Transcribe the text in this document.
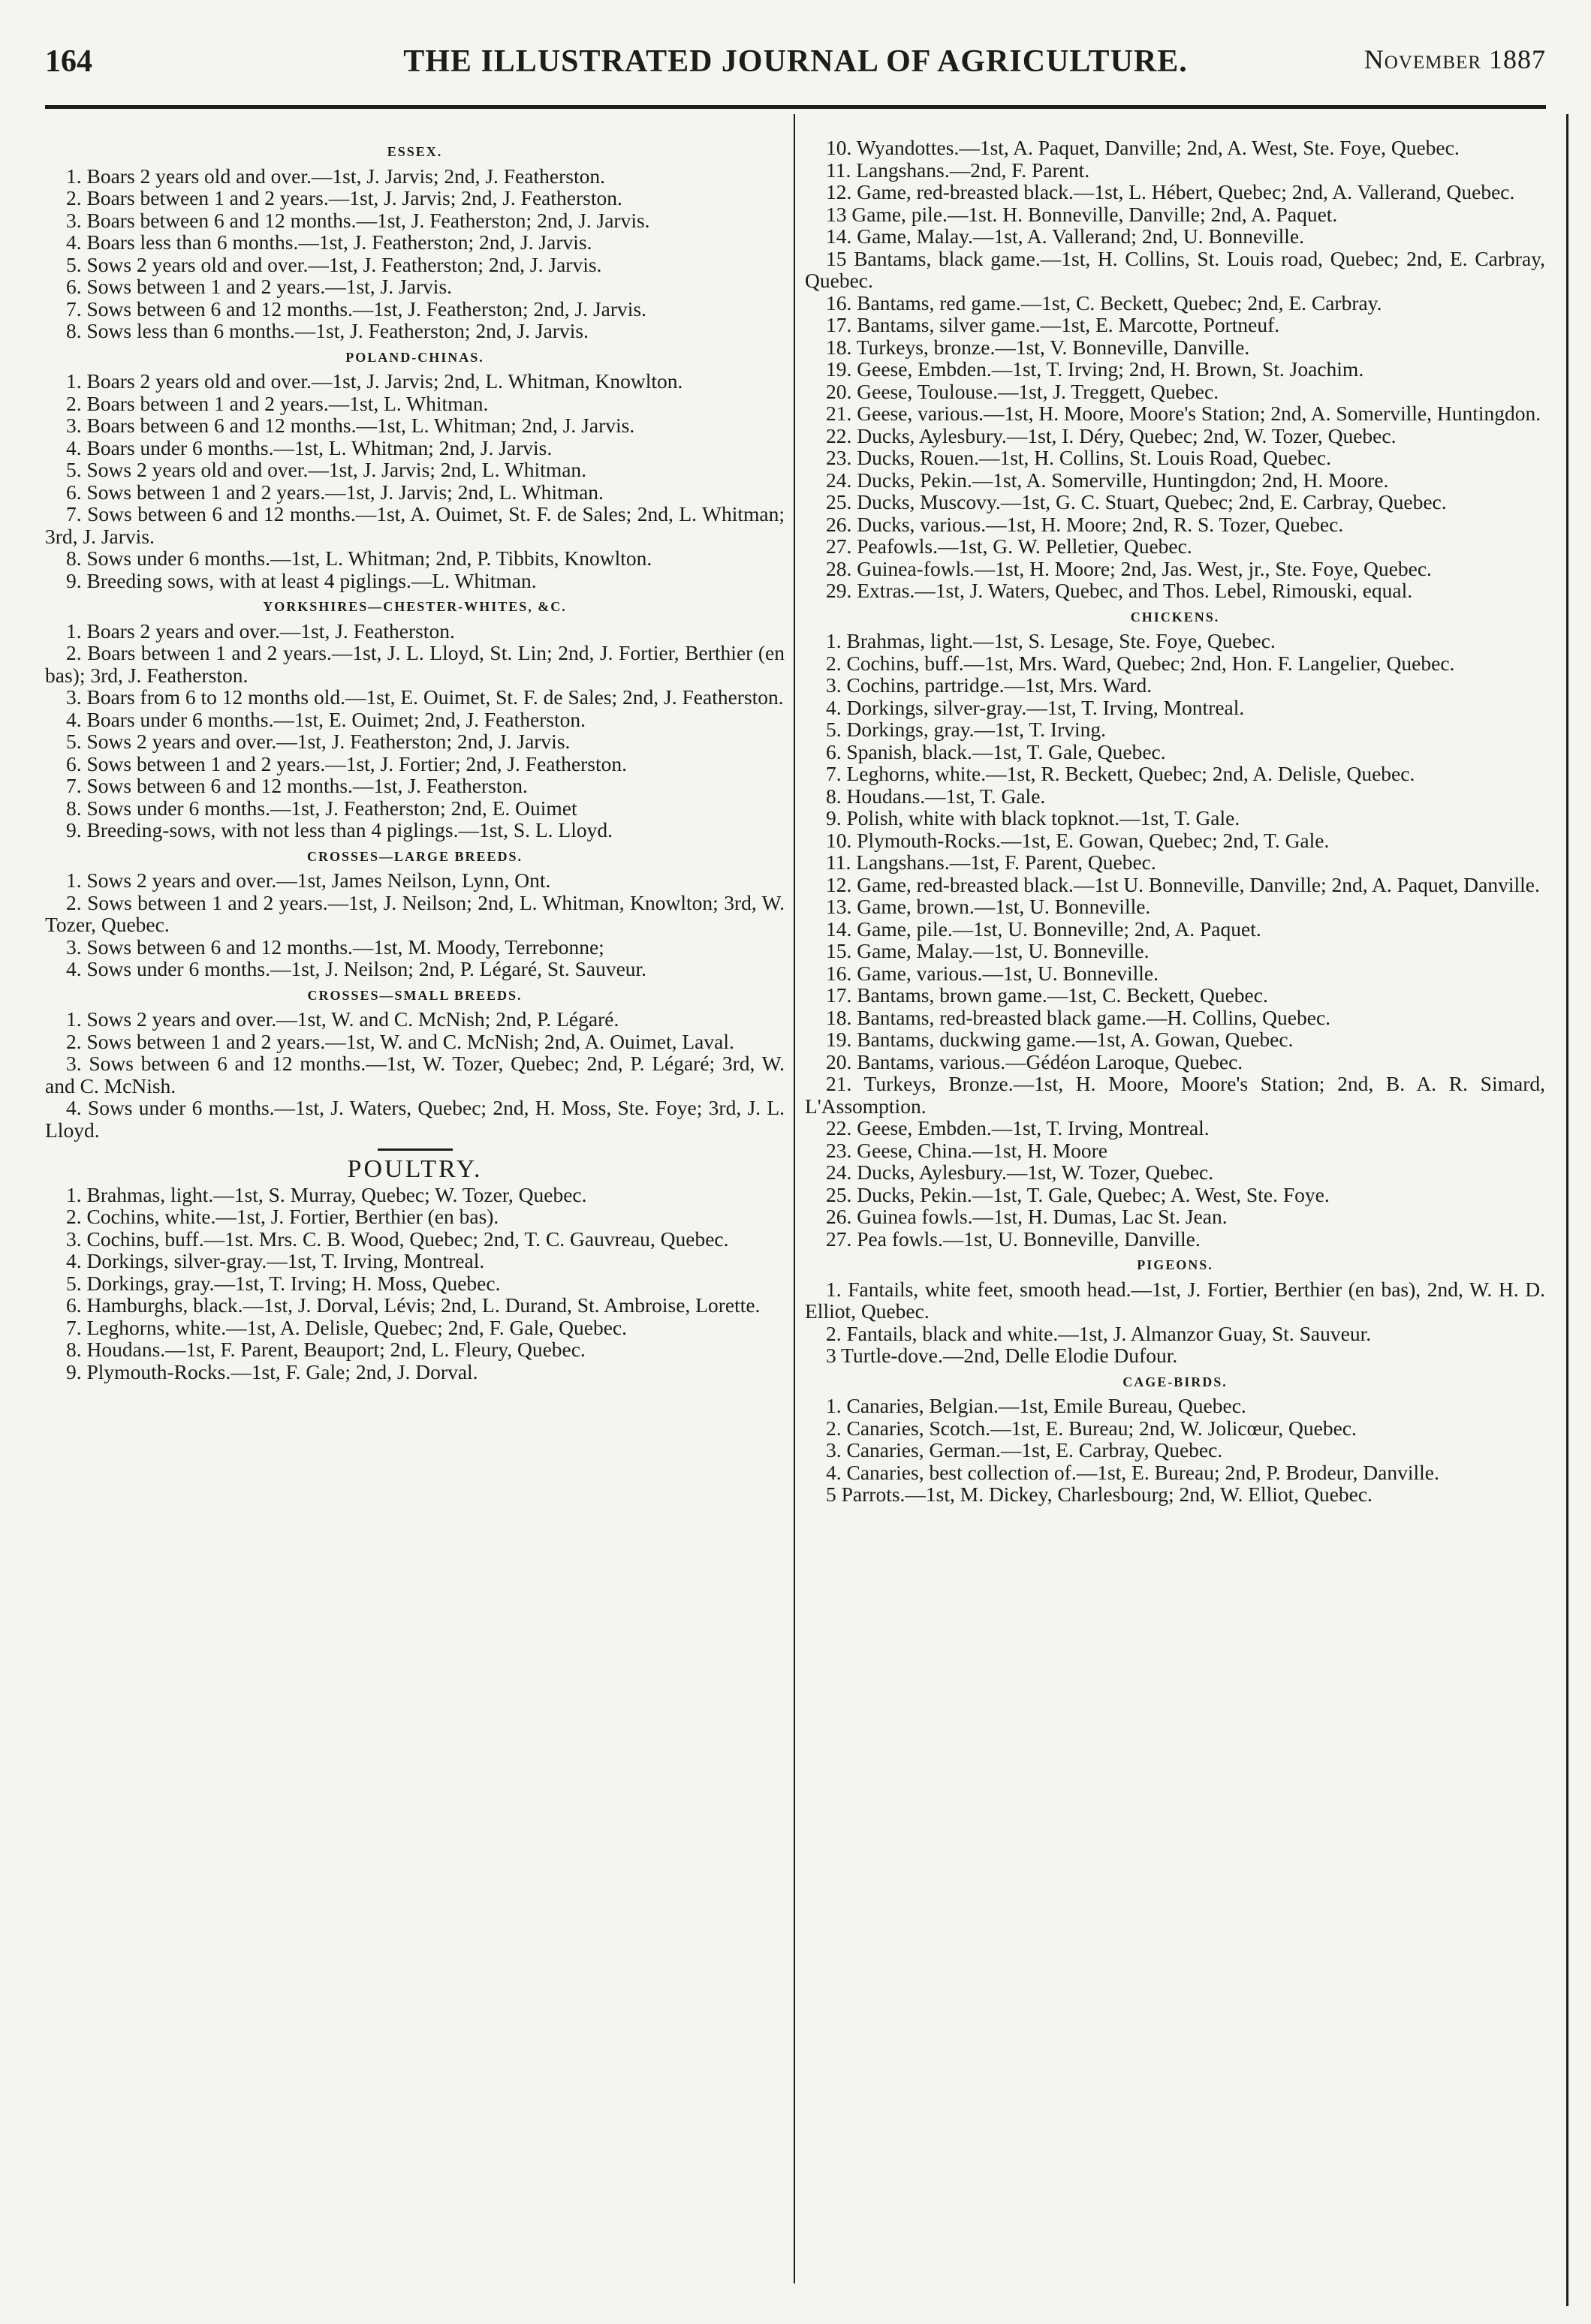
164	THE ILLUSTRATED JOURNAL OF AGRICULTURE.	November 1887
ESSEX.

1. Boars 2 years old and over.—1st, J. Jarvis; 2nd, J. Featherston.

2. Boars between 1 and 2 years.—1st, J. Jarvis; 2nd, J. Featherston.

3. Boars between 6 and 12 months.—1st, J. Featherston; 2nd, J. Jarvis.

4. Boars less than 6 months.—1st, J. Featherston; 2nd, J. Jarvis.

5. Sows 2 years old and over.—1st, J. Featherston; 2nd, J. Jarvis.

6. Sows between 1 and 2 years.—1st, J. Jarvis.

7. Sows between 6 and 12 months.—1st, J. Featherston; 2nd, J. Jarvis.

8. Sows less than 6 months.—1st, J. Featherston; 2nd, J. Jarvis.

POLAND-CHINAS.

1. Boars 2 years old and over.—1st, J. Jarvis; 2nd, L. Whitman, Knowlton.

2. Boars between 1 and 2 years.—1st, L. Whitman.

3. Boars between 6 and 12 months.—1st, L. Whitman; 2nd, J. Jarvis.

4. Boars under 6 months.—1st, L. Whitman; 2nd, J. Jarvis.

5. Sows 2 years old and over.—1st, J. Jarvis; 2nd, L. Whitman.

6. Sows between 1 and 2 years.—1st, J. Jarvis; 2nd, L. Whitman.

7. Sows between 6 and 12 months.—1st, A. Ouimet, St. F. de Sales; 2nd, L. Whitman; 3rd, J. Jarvis.

8. Sows under 6 months.—1st, L. Whitman; 2nd, P. Tibbits, Knowlton.

9. Breeding sows, with at least 4 piglings.—L. Whitman.

YORKSHIRES—CHESTER-WHITES, &C.

1. Boars 2 years and over.—1st, J. Featherston.

2. Boars between 1 and 2 years.—1st, J. L. Lloyd, St. Lin; 2nd, J. Fortier, Berthier (en bas); 3rd, J. Featherston.

3. Boars from 6 to 12 months old.—1st, E. Ouimet, St. F. de Sales; 2nd, J. Featherston.

4. Boars under 6 months.—1st, E. Ouimet; 2nd, J. Featherston.

5. Sows 2 years and over.—1st, J. Featherston; 2nd, J. Jarvis.

6. Sows between 1 and 2 years.—1st, J. Fortier; 2nd, J. Featherston.

7. Sows between 6 and 12 months.—1st, J. Featherston.

8. Sows under 6 months.—1st, J. Featherston; 2nd, E. Ouimet

9. Breeding-sows, with not less than 4 piglings.—1st, S. L. Lloyd.

CROSSES—LARGE BREEDS.

1. Sows 2 years and over.—1st, James Neilson, Lynn, Ont.

2. Sows between 1 and 2 years.—1st, J. Neilson; 2nd, L. Whitman, Knowlton; 3rd, W. Tozer, Quebec.

3. Sows between 6 and 12 months.—1st, M. Moody, Terrebonne;

4. Sows under 6 months.—1st, J. Neilson; 2nd, P. Légaré, St. Sauveur.

CROSSES—SMALL BREEDS.

1. Sows 2 years and over.—1st, W. and C. McNish; 2nd, P. Légaré.

2. Sows between 1 and 2 years.—1st, W. and C. McNish; 2nd, A. Ouimet, Laval.

3. Sows between 6 and 12 months.—1st, W. Tozer, Quebec; 2nd, P. Légaré; 3rd, W. and C. McNish.

4. Sows under 6 months.—1st, J. Waters, Quebec; 2nd, H. Moss, Ste. Foye; 3rd, J. L. Lloyd.

POULTRY.

1. Brahmas, light.—1st, S. Murray, Quebec; W. Tozer, Quebec.

2. Cochins, white.—1st, J. Fortier, Berthier (en bas).

3. Cochins, buff.—1st. Mrs. C. B. Wood, Quebec; 2nd, T. C. Gauvreau, Quebec.

4. Dorkings, silver-gray.—1st, T. Irving, Montreal.

5. Dorkings, gray.—1st, T. Irving; H. Moss, Quebec.

6. Hamburghs, black.—1st, J. Dorval, Lévis; 2nd, L. Durand, St. Ambroise, Lorette.

7. Leghorns, white.—1st, A. Delisle, Quebec; 2nd, F. Gale, Quebec.

8. Houdans.—1st, F. Parent, Beauport; 2nd, L. Fleury, Quebec.

9. Plymouth-Rocks.—1st, F. Gale; 2nd, J. Dorval.

10. Wyandottes.—1st, A. Paquet, Danville; 2nd, A. West, Ste. Foye, Quebec.

11. Langshans.—2nd, F. Parent.

12. Game, red-breasted black.—1st, L. Hébert, Quebec; 2nd, A. Vallerand, Quebec.

13 Game, pile.—1st. H. Bonneville, Danville; 2nd, A. Paquet.

14. Game, Malay.—1st, A. Vallerand; 2nd, U. Bonneville.

15 Bantams, black game.—1st, H. Collins, St. Louis road, Quebec; 2nd, E. Carbray, Quebec.

16. Bantams, red game.—1st, C. Beckett, Quebec; 2nd, E. Carbray.

17. Bantams, silver game.—1st, E. Marcotte, Portneuf.

18. Turkeys, bronze.—1st, V. Bonneville, Danville.

19. Geese, Embden.—1st, T. Irving; 2nd, H. Brown, St. Joachim.

20. Geese, Toulouse.—1st, J. Treggett, Quebec.

21. Geese, various.—1st, H. Moore, Moore's Station; 2nd, A. Somerville, Huntingdon.

22. Ducks, Aylesbury.—1st, I. Déry, Quebec; 2nd, W. Tozer, Quebec.

23. Ducks, Rouen.—1st, H. Collins, St. Louis Road, Quebec.

24. Ducks, Pekin.—1st, A. Somerville, Huntingdon; 2nd, H. Moore.

25. Ducks, Muscovy.—1st, G. C. Stuart, Quebec; 2nd, E. Carbray, Quebec.

26. Ducks, various.—1st, H. Moore; 2nd, R. S. Tozer, Quebec.

27. Peafowls.—1st, G. W. Pelletier, Quebec.

28. Guinea-fowls.—1st, H. Moore; 2nd, Jas. West, jr., Ste. Foye, Quebec.

29. Extras.—1st, J. Waters, Quebec, and Thos. Lebel, Rimouski, equal.

CHICKENS.

1. Brahmas, light.—1st, S. Lesage, Ste. Foye, Quebec.

2. Cochins, buff.—1st, Mrs. Ward, Quebec; 2nd, Hon. F. Langelier, Quebec.

3. Cochins, partridge.—1st, Mrs. Ward.

4. Dorkings, silver-gray.—1st, T. Irving, Montreal.

5. Dorkings, gray.—1st, T. Irving.

6. Spanish, black.—1st, T. Gale, Quebec.

7. Leghorns, white.—1st, R. Beckett, Quebec; 2nd, A. Delisle, Quebec.

8. Houdans.—1st, T. Gale.

9. Polish, white with black topknot.—1st, T. Gale.

10. Plymouth-Rocks.—1st, E. Gowan, Quebec; 2nd, T. Gale.

11. Langshans.—1st, F. Parent, Quebec.

12. Game, red-breasted black.—1st U. Bonneville, Danville; 2nd, A. Paquet, Danville.

13. Game, brown.—1st, U. Bonneville.

14. Game, pile.—1st, U. Bonneville; 2nd, A. Paquet.

15. Game, Malay.—1st, U. Bonneville.

16. Game, various.—1st, U. Bonneville.

17. Bantams, brown game.—1st, C. Beckett, Quebec.

18. Bantams, red-breasted black game.—H. Collins, Quebec.

19. Bantams, duckwing game.—1st, A. Gowan, Quebec.

20. Bantams, various.—Gédéon Laroque, Quebec.

21. Turkeys, Bronze.—1st, H. Moore, Moore's Station; 2nd, B. A. R. Simard, L'Assomption.

22. Geese, Embden.—1st, T. Irving, Montreal.

23. Geese, China.—1st, H. Moore

24. Ducks, Aylesbury.—1st, W. Tozer, Quebec.

25. Ducks, Pekin.—1st, T. Gale, Quebec; A. West, Ste. Foye.

26. Guinea fowls.—1st, H. Dumas, Lac St. Jean.

27. Pea fowls.—1st, U. Bonneville, Danville.

PIGEONS.

1. Fantails, white feet, smooth head.—1st, J. Fortier, Berthier (en bas), 2nd, W. H. D. Elliot, Quebec.

2. Fantails, black and white.—1st, J. Almanzor Guay, St. Sauveur.

3 Turtle-dove.—2nd, Delle Elodie Dufour.

CAGE-BIRDS.

1. Canaries, Belgian.—1st, Emile Bureau, Quebec.

2. Canaries, Scotch.—1st, E. Bureau; 2nd, W. Jolicœur, Quebec.

3. Canaries, German.—1st, E. Carbray, Quebec.

4. Canaries, best collection of.—1st, E. Bureau; 2nd, P. Brodeur, Danville.

5 Parrots.—1st, M. Dickey, Charlesbourg; 2nd, W. Elliot, Quebec.
